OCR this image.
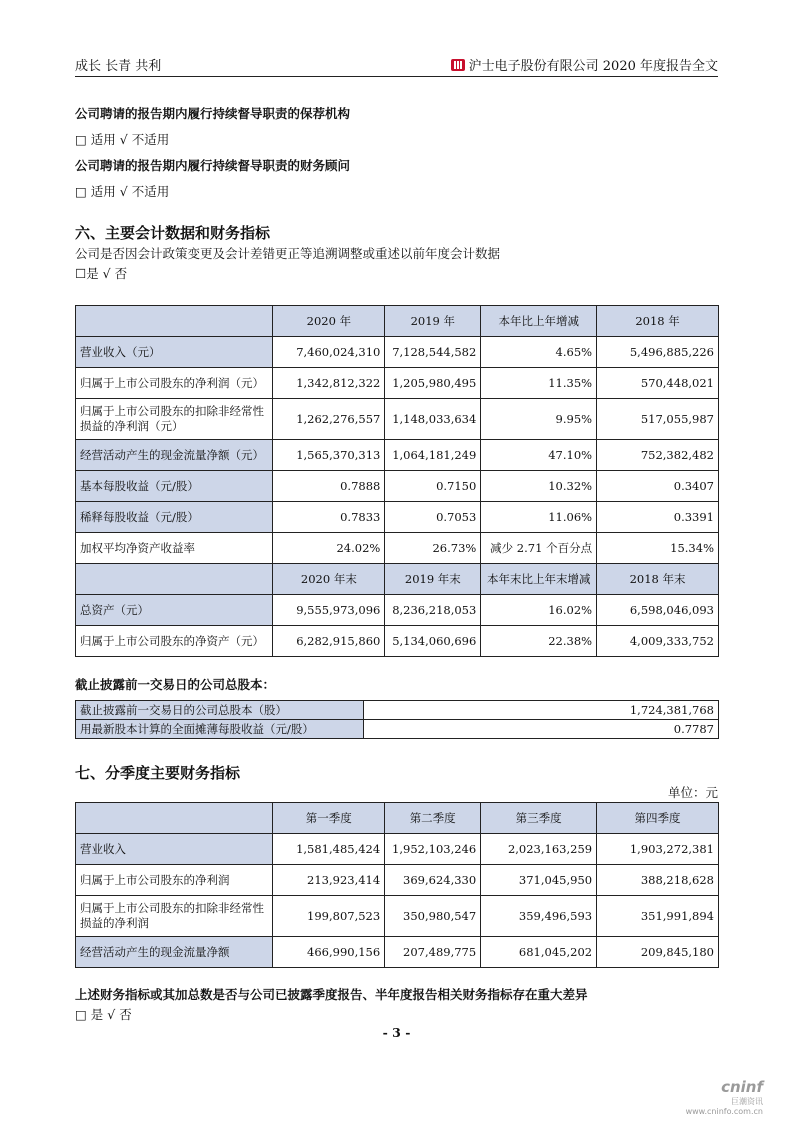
成长 长青 共利	沪士电子股份有限公司 2020 年度报告全文
公司聘请的报告期内履行持续督导职责的保荐机构
□ 适用 √ 不适用
公司聘请的报告期内履行持续督导职责的财务顾问
□ 适用 √ 不适用
六、主要会计数据和财务指标
公司是否因会计政策变更及会计差错更正等追溯调整或重述以前年度会计数据
☐是 √ 否
	2020 年	2019 年	本年比上年增减	2018 年
营业收入（元）	7,460,024,310	7,128,544,582	4.65%	5,496,885,226
归属于上市公司股东的净利润（元）	1,342,812,322	1,205,980,495	11.35%	570,448,021
归属于上市公司股东的扣除非经常性损益的净利润（元）	1,262,276,557	1,148,033,634	9.95%	517,055,987
经营活动产生的现金流量净额（元）	1,565,370,313	1,064,181,249	47.10%	752,382,482
基本每股收益（元/股）	0.7888	0.7150	10.32%	0.3407
稀释每股收益（元/股）	0.7833	0.7053	11.06%	0.3391
加权平均净资产收益率	24.02%	26.73%	减少 2.71 个百分点	15.34%
	2020 年末	2019 年末	本年末比上年末增减	2018 年末
总资产（元）	9,555,973,096	8,236,218,053	16.02%	6,598,046,093
归属于上市公司股东的净资产（元）	6,282,915,860	5,134,060,696	22.38%	4,009,333,752
截止披露前一交易日的公司总股本：
截止披露前一交易日的公司总股本（股）	1,724,381,768
用最新股本计算的全面摊薄每股收益（元/股）	0.7787
七、分季度主要财务指标
单位：元
	第一季度	第二季度	第三季度	第四季度
营业收入	1,581,485,424	1,952,103,246	2,023,163,259	1,903,272,381
归属于上市公司股东的净利润	213,923,414	369,624,330	371,045,950	388,218,628
归属于上市公司股东的扣除非经常性损益的净利润	199,807,523	350,980,547	359,496,593	351,991,894
经营活动产生的现金流量净额	466,990,156	207,489,775	681,045,202	209,845,180
上述财务指标或其加总数是否与公司已披露季度报告、半年度报告相关财务指标存在重大差异
□ 是 √ 否
- 3 -
cninf
巨潮资讯
www.cninfo.com.cn
